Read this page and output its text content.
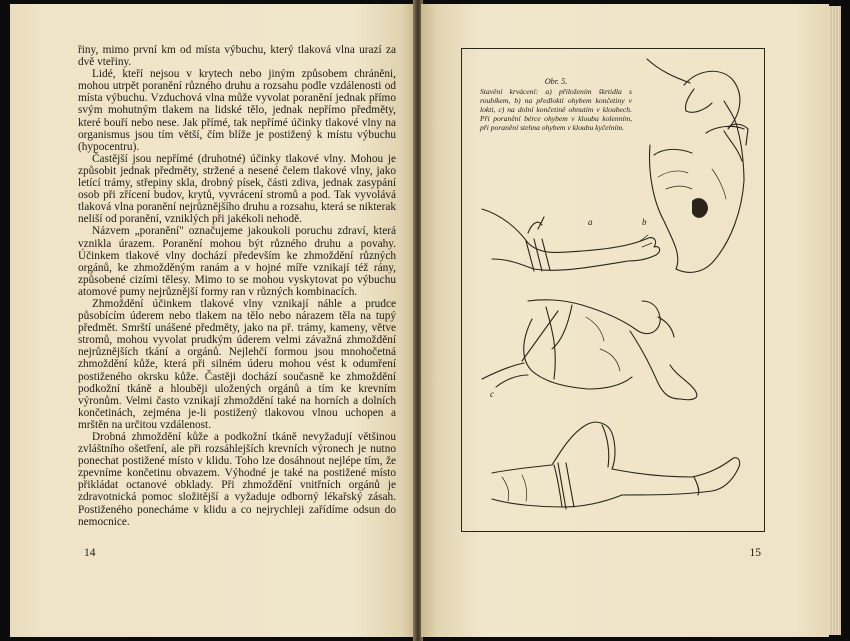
řiny, mimo první km od místa výbuchu, který tlaková vlna urazí za dvě vteřiny.

Lidé, kteří nejsou v krytech nebo jiným způsobem chráněni, mohou utrpět poranění různého druhu a rozsahu podle vzdálenosti od místa výbuchu. Vzduchová vlna může vyvolat poranění jednak přímo svým mohutným tlakem na lidské tělo, jednak nepřímo předměty, které bouří nebo nese. Jak přímé, tak nepřímé účinky tlakové vlny na organismus jsou tím větší, čím blíže je postižený k místu výbuchu (hypocentru).

Častější jsou nepřímé (druhotné) účinky tlakové vlny. Mohou je způsobit jednak předměty, stržené a nesené čelem tlakové vlny, jako letící trámy, střepiny skla, drobný písek, části zdiva, jednak zasypání osob při zřícení budov, krytů, vyvrácení stromů a pod. Tak vyvolává tlaková vlna poranění nejrůznějšího druhu a rozsahu, která se nikterak neliší od poranění, vzniklých při jakékoli nehodě.

Názvem „poranění" označujeme jakoukoli poruchu zdraví, která vznikla úrazem. Poranění mohou být různého druhu a povahy. Účinkem tlakové vlny dochází především ke zhmoždění různých orgánů, ke zhmožděným ranám a v hojné míře vznikají též rány, způsobené cizími tělesy. Mimo to se mohou vyskytovat po výbuchu atomové pumy nejrůznější formy ran v různých kombinacích.

Zhmoždění účinkem tlakové vlny vznikají náhle a prudce působícím úderem nebo tlakem na tělo nebo nárazem těla na tupý předmět. Smrští unášené předměty, jako na př. trámy, kameny, větve stromů, mohou vyvolat prudkým úderem velmi závažná zhmoždění nejrůznějších tkání a orgánů. Nejlehčí formou jsou mnohočetná zhmoždění kůže, která při silném úderu mohou vést k odumření postiženého okrsku kůže. Častěji dochází současně ke zhmoždění podkožní tkáně a hlouběji uložených orgánů a tím ke krevním výronům. Velmi často vznikají zhmoždění také na horních a dolních končetinách, zejména je-li postižený tlakovou vlnou uchopen a mrštěn na určitou vzdálenost.

Drobná zhmoždění kůže a podkožní tkáně nevyžadují většinou zvláštního ošetření, ale při rozsáhlejších krevních výronech je nutno ponechat postižené místo v klidu. Toho lze dosáhnout nejlépe tím, že zpevníme končetinu obvazem. Výhodné je také na postižené místo přikládat octanové obklady. Při zhmoždění vnitřních orgánů je zdravotnická pomoc složitější a vyžaduje odborný lékařský zásah. Postiženého ponecháme v klidu a co nejrychleji zařídíme odsun do nemocnice.

14
a	b
c
Obr. 5.
Stavění krvácení: a) přiložením škrtidla s roubíkem, b) na předloktí ohybem končetiny v lokti, c) na dolní končetině ohnutím v kloubech. Při poranění bérce ohybem v kloubu kolenním, při poranění stehna ohybem v kloubu kyčelním.
15
